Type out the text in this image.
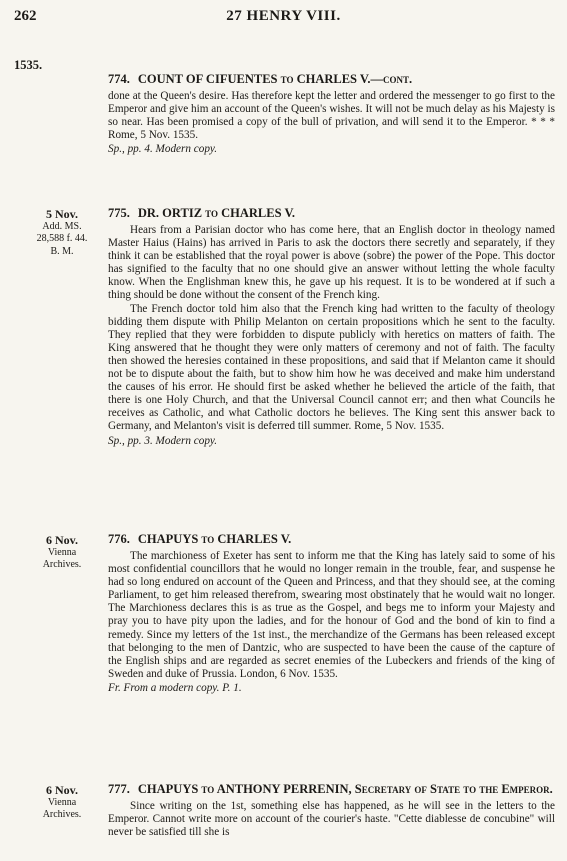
262	27 HENRY VIII.
1535.
774. COUNT OF CIFUENTES to CHARLES V.—cont.

done at the Queen's desire. Has therefore kept the letter and ordered the messenger to go first to the Emperor and give him an account of the Queen's wishes. It will not be much delay as his Majesty is so near. Has been promised a copy of the bull of privation, and will send it to the Emperor. * * * Rome, 5 Nov. 1535.

Sp., pp. 4. Modern copy.

5 Nov.
Add. MS.
28,588 f. 44.
B. M.
775. DR. ORTIZ to CHARLES V.

Hears from a Parisian doctor who has come here, that an English doctor in theology named Master Haius (Hains) has arrived in Paris to ask the doctors there secretly and separately, if they think it can be established that the royal power is above (sobre) the power of the Pope. This doctor has signified to the faculty that no one should give an answer without letting the whole faculty know. When the Englishman knew this, he gave up his request. It is to be wondered at if such a thing should be done without the consent of the French king.

The French doctor told him also that the French king had written to the faculty of theology bidding them dispute with Philip Melanton on certain propositions which he sent to the faculty. They replied that they were forbidden to dispute publicly with heretics on matters of faith. The King answered that he thought they were only matters of ceremony and not of faith. The faculty then showed the heresies contained in these propositions, and said that if Melanton came it should not be to dispute about the faith, but to show him how he was deceived and make him understand the causes of his error. He should first be asked whether he believed the article of the faith, that there is one Holy Church, and that the Universal Council cannot err; and then what Councils he receives as Catholic, and what Catholic doctors he believes. The King sent this answer back to Germany, and Melanton's visit is deferred till summer. Rome, 5 Nov. 1535.

Sp., pp. 3. Modern copy.

6 Nov.
Vienna
Archives.
776. CHAPUYS to CHARLES V.

The marchioness of Exeter has sent to inform me that the King has lately said to some of his most confidential councillors that he would no longer remain in the trouble, fear, and suspense he had so long endured on account of the Queen and Princess, and that they should see, at the coming Parliament, to get him released therefrom, swearing most obstinately that he would wait no longer. The Marchioness declares this is as true as the Gospel, and begs me to inform your Majesty and pray you to have pity upon the ladies, and for the honour of God and the bond of kin to find a remedy. Since my letters of the 1st inst., the merchandize of the Germans has been released except that belonging to the men of Dantzic, who are suspected to have been the cause of the capture of the English ships and are regarded as secret enemies of the Lubeckers and friends of the king of Sweden and duke of Prussia. London, 6 Nov. 1535.

Fr. From a modern copy. P. 1.

6 Nov.
Vienna
Archives.
777. CHAPUYS to ANTHONY PERRENIN, Secretary of State to the Emperor.

Since writing on the 1st, something else has happened, as he will see in the letters to the Emperor. Cannot write more on account of the courier's haste. "Cette diablesse de concubine" will never be satisfied till she is
